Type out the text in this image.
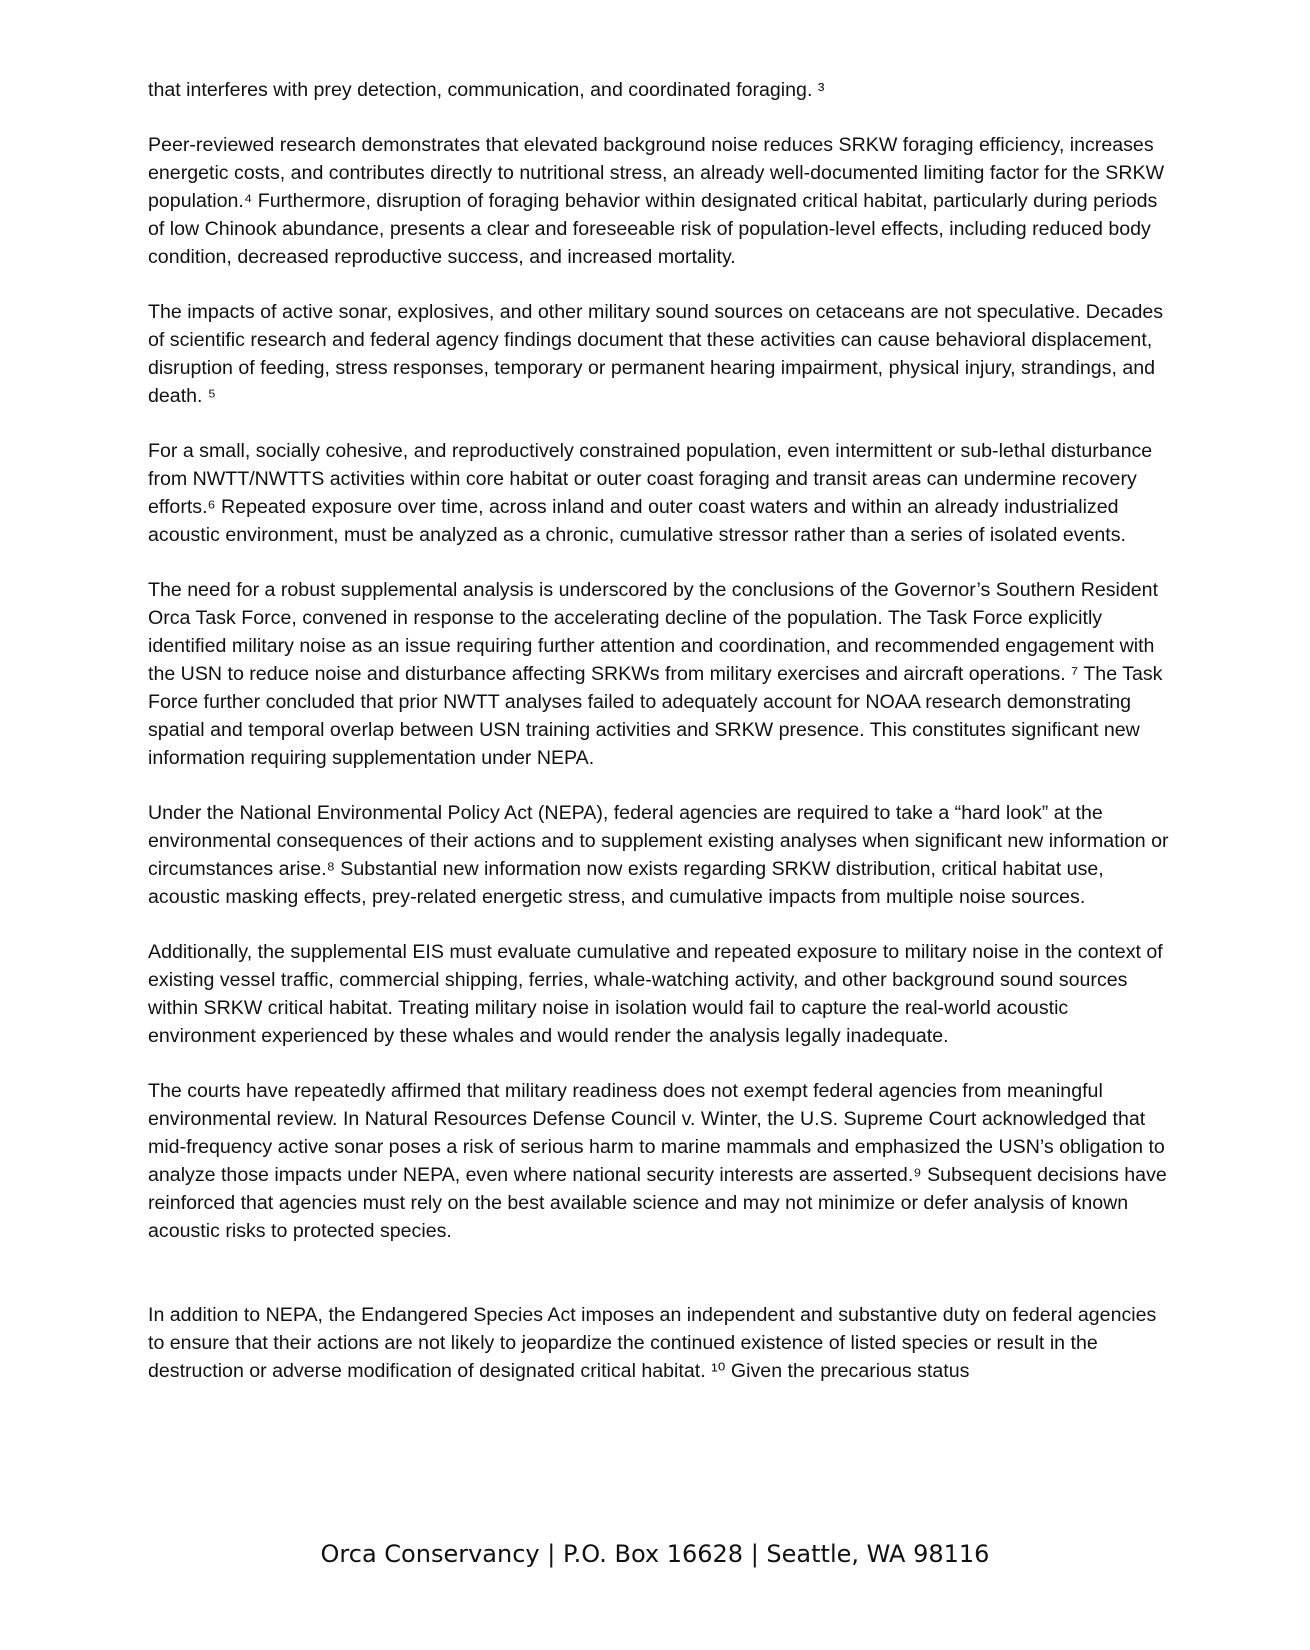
that interferes with prey detection, communication, and coordinated foraging. ³

Peer-reviewed research demonstrates that elevated background noise reduces SRKW foraging efficiency, increases energetic costs, and contributes directly to nutritional stress, an already well-documented limiting factor for the SRKW population.⁴ Furthermore, disruption of foraging behavior within designated critical habitat, particularly during periods of low Chinook abundance, presents a clear and foreseeable risk of population-level effects, including reduced body condition, decreased reproductive success, and increased mortality.

The impacts of active sonar, explosives, and other military sound sources on cetaceans are not speculative. Decades of scientific research and federal agency findings document that these activities can cause behavioral displacement, disruption of feeding, stress responses, temporary or permanent hearing impairment, physical injury, strandings, and death. ⁵

For a small, socially cohesive, and reproductively constrained population, even intermittent or sub-lethal disturbance from NWTT/NWTTS activities within core habitat or outer coast foraging and transit areas can undermine recovery efforts.⁶ Repeated exposure over time, across inland and outer coast waters and within an already industrialized acoustic environment, must be analyzed as a chronic, cumulative stressor rather than a series of isolated events.

The need for a robust supplemental analysis is underscored by the conclusions of the Governor’s Southern Resident Orca Task Force, convened in response to the accelerating decline of the population. The Task Force explicitly identified military noise as an issue requiring further attention and coordination, and recommended engagement with the USN to reduce noise and disturbance affecting SRKWs from military exercises and aircraft operations. ⁷ The Task Force further concluded that prior NWTT analyses failed to adequately account for NOAA research demonstrating spatial and temporal overlap between USN training activities and SRKW presence. This constitutes significant new information requiring supplementation under NEPA.

Under the National Environmental Policy Act (NEPA), federal agencies are required to take a “hard look” at the environmental consequences of their actions and to supplement existing analyses when significant new information or circumstances arise.⁸ Substantial new information now exists regarding SRKW distribution, critical habitat use, acoustic masking effects, prey-related energetic stress, and cumulative impacts from multiple noise sources.

Additionally, the supplemental EIS must evaluate cumulative and repeated exposure to military noise in the context of existing vessel traffic, commercial shipping, ferries, whale-watching activity, and other background sound sources within SRKW critical habitat. Treating military noise in isolation would fail to capture the real-world acoustic environment experienced by these whales and would render the analysis legally inadequate.

The courts have repeatedly affirmed that military readiness does not exempt federal agencies from meaningful environmental review. In Natural Resources Defense Council v. Winter, the U.S. Supreme Court acknowledged that mid-frequency active sonar poses a risk of serious harm to marine mammals and emphasized the USN’s obligation to analyze those impacts under NEPA, even where national security interests are asserted.⁹ Subsequent decisions have reinforced that agencies must rely on the best available science and may not minimize or defer analysis of known acoustic risks to protected species.

In addition to NEPA, the Endangered Species Act imposes an independent and substantive duty on federal agencies to ensure that their actions are not likely to jeopardize the continued existence of listed species or result in the destruction or adverse modification of designated critical habitat. ¹⁰ Given the precarious status

Orca Conservancy | P.O. Box 16628 | Seattle, WA 98116
